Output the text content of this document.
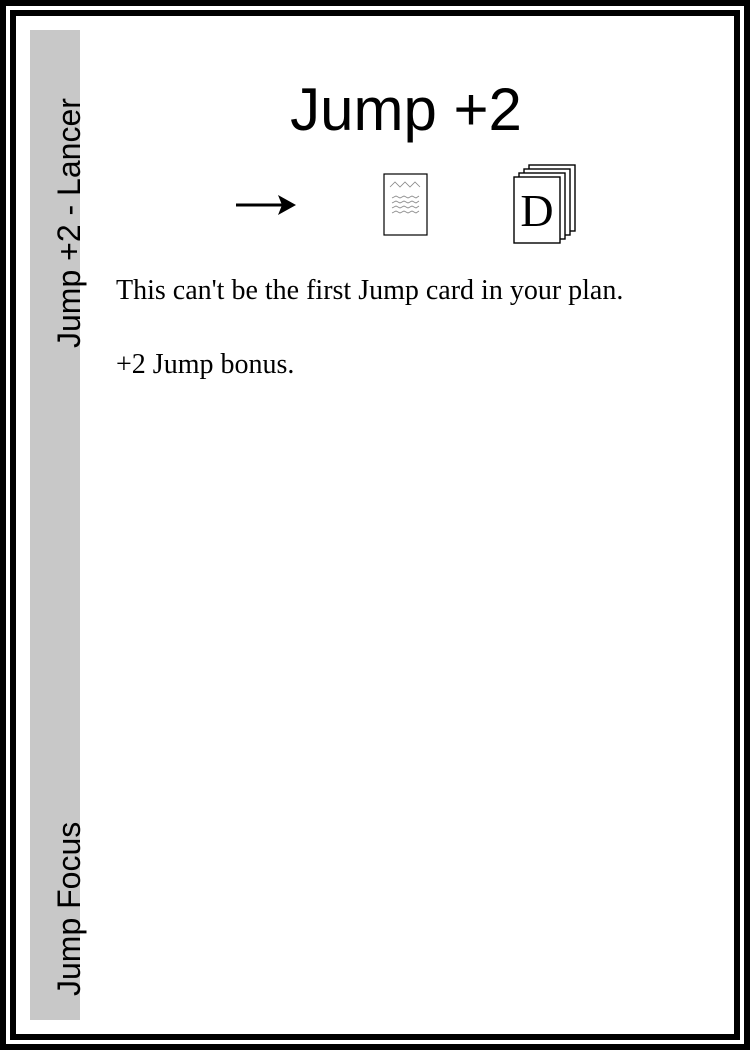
Jump +2 - Lancer
Jump Focus
Jump +2
D
This can't be the first Jump card in your plan.
+2 Jump bonus.
